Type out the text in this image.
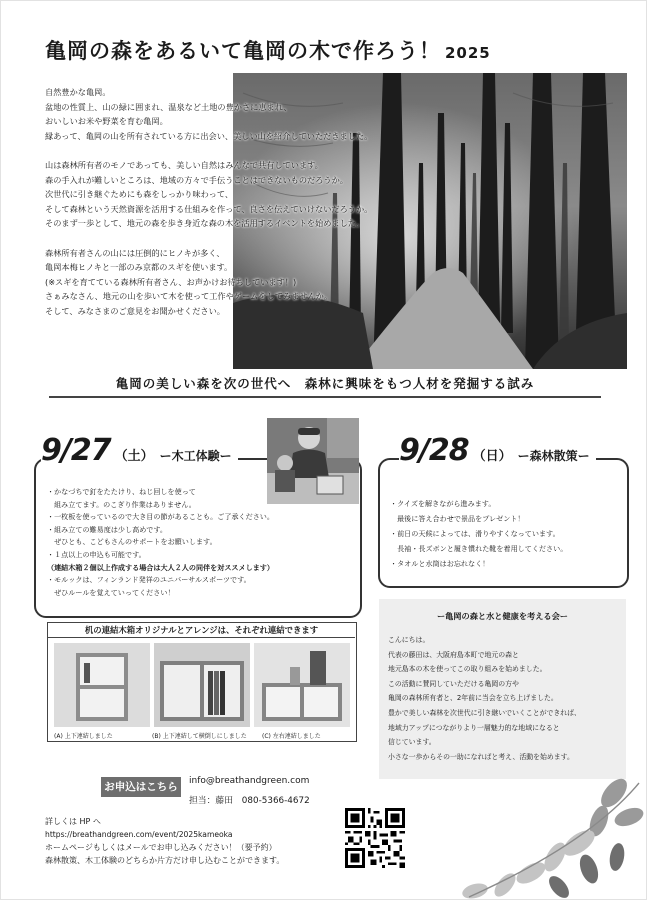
亀岡の森をあるいて亀岡の木で作ろう！ 2025

自然豊かな亀岡。
盆地の性質上、山の緑に囲まれ、温泉など土地の豊かさに恵まれ、
おいしいお米や野菜を育む亀岡。
縁あって、亀岡の山を所有されている方に出会い、美しい山を紹介していただきました。

山は森林所有者のモノであっても、美しい自然はみんなで共有しています。
森の手入れが難しいところは、地域の方々で手伝うことはできないものだろうか。
次世代に引き継ぐためにも森をしっかり味わって、
そして森林という天然資源を活用する仕組みを作って、良さを伝えていけないだろうか。
そのまず一歩として、地元の森を歩き身近な森の木を活用するイベントを始めました。

森林所有者さんの山には圧倒的にヒノキが多く、
亀岡本梅ヒノキと一部のみ京都のスギを使います。
(※スギを育てている森林所有者さん、お声かけお待ちしています！)
さぁみなさん、地元の山を歩いて木を使って工作やゲームをしてみませんか。
そして、みなさまのご意見をお聞かせください。

亀岡の美しい森を次の世代へ　森林に興味をもつ人材を発掘する試み
9/27 （土） ー木工体験ー
・かなづちで釘をたたけり、ねじ回しを使って
　組み立てます。のこぎり作業はありません。
・一枚板を使っているので大き目の節があることも。ご了承ください。
・組み立ての難易度は少し高めです。
　ぜひとも、こどもさんのサポートをお願いします。
・１点以上の申込も可能です。
（連結木箱２個以上作成する場合は大人２人の同伴を対ススメします）
・モルックは、フィンランド発祥のユニバーサルスポーツです。
　ぜひルールを覚えていってください！
9/28 （日） ー森林散策ー
・クイズを解きながら進みます。
　最後に答え合わせで景品をプレゼント！
・前日の天候によっては、滑りやすくなっています。
　長袖・長ズボンと履き慣れた靴を着用してください。
・タオルと水筒はお忘れなく！
机の連結木箱オリジナルとアレンジは、それぞれ連結できます
(A) 上下連結しました	(B) 上下連結して横倒しにしました	(C) 左右連結しました
ー亀岡の森と水と健康を考える会ー
こんにちは。
代表の藤田は、大阪府島本町で地元の森と
地元島本の木を使ってこの取り組みを始めました。
この活動に賛同していただける亀岡の方や
亀岡の森林所有者と、2年前に当会を立ち上げました。
豊かで美しい森林を次世代に引き継いでいくことができれば、
地域力アップにつながりより一層魅力的な地域になると
信じています。
小さな一歩からその一助になればと考え、活動を始めます。
お申込はこちら	info@breathandgreen.com
担当：藤田　080-5366-4672
詳しくは HP へ
https://breathandgreen.com/event/2025kameoka
ホームページもしくはメールでお申し込みください！（要予約）
森林散策、木工体験のどちらか片方だけ申し込むことができます。
